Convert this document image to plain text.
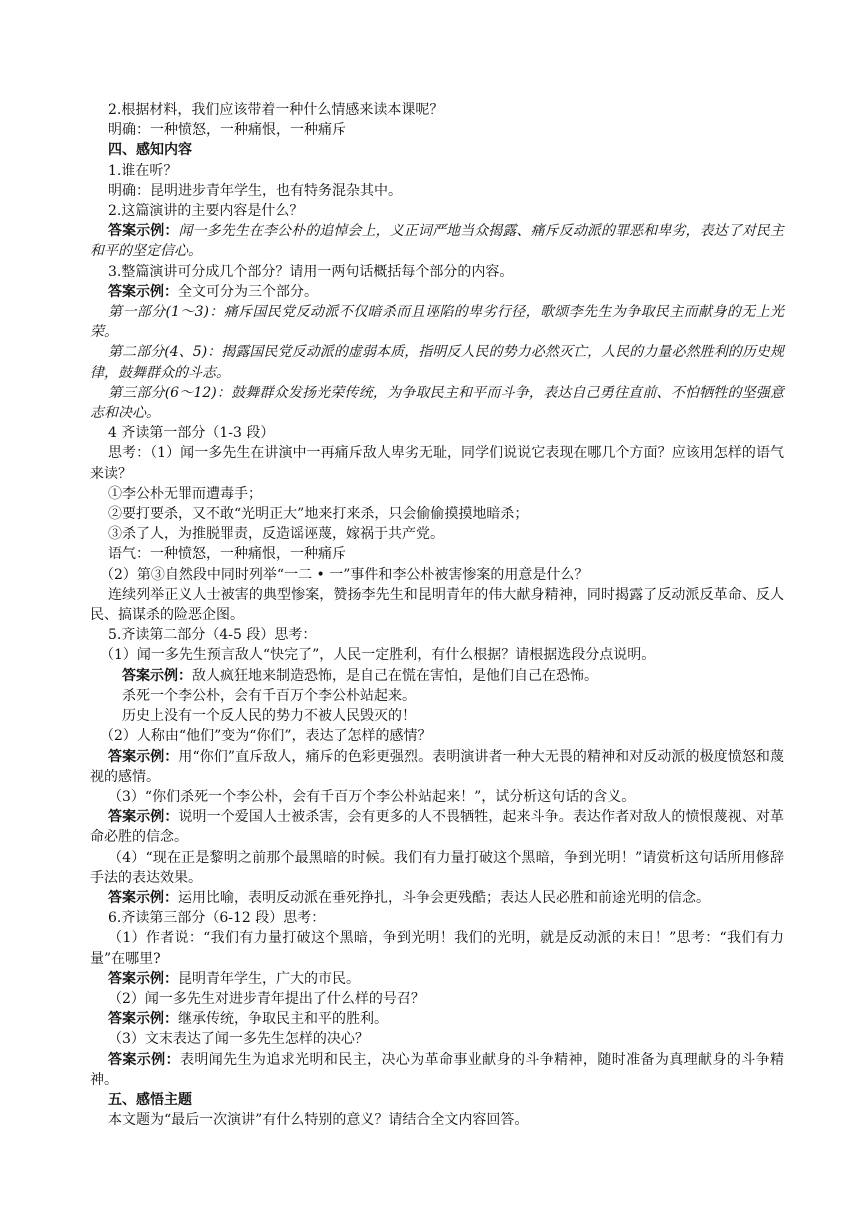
2.根据材料，我们应该带着一种什么情感来读本课呢？

明确：一种愤怒，一种痛恨，一种痛斥

四、感知内容

1.谁在听？

明确：昆明进步青年学生，也有特务混杂其中。

2.这篇演讲的主要内容是什么？

答案示例：闻一多先生在李公朴的追悼会上，义正词严地当众揭露、痛斥反动派的罪恶和卑劣，表达了对民主和平的坚定信心。

3.整篇演讲可分成几个部分？请用一两句话概括每个部分的内容。

答案示例：全文可分为三个部分。

第一部分(1～3)：痛斥国民党反动派不仅暗杀而且诬陷的卑劣行径，歌颂李先生为争取民主而献身的无上光荣。

第二部分(4、5)：揭露国民党反动派的虚弱本质，指明反人民的势力必然灭亡，人民的力量必然胜利的历史规律，鼓舞群众的斗志。

第三部分(6～12)：鼓舞群众发扬光荣传统，为争取民主和平而斗争，表达自己勇往直前、不怕牺牲的坚强意志和决心。

4 齐读第一部分（1-3 段）

思考：（1）闻一多先生在讲演中一再痛斥敌人卑劣无耻，同学们说说它表现在哪几个方面？应该用怎样的语气来读？

①李公朴无罪而遭毒手；

②要打要杀，又不敢“光明正大”地来打来杀，只会偷偷摸摸地暗杀；

③杀了人，为推脱罪责，反造谣诬蔑，嫁祸于共产党。

语气：一种愤怒，一种痛恨，一种痛斥

（2）第③自然段中同时列举“一二 • 一”事件和李公朴被害惨案的用意是什么？

连续列举正义人士被害的典型惨案，赞扬李先生和昆明青年的伟大献身精神，同时揭露了反动派反革命、反人民、搞谋杀的险恶企图。

5.齐读第二部分（4-5 段）思考：

（1）闻一多先生预言敌人“快完了”，人民一定胜利，有什么根据？请根据选段分点说明。

答案示例：敌人疯狂地来制造恐怖，是自己在慌在害怕，是他们自己在恐怖。

杀死一个李公朴，会有千百万个李公朴站起来。

历史上没有一个反人民的势力不被人民毁灭的！

（2）人称由“他们”变为“你们”，表达了怎样的感情？

答案示例：用“你们”直斥敌人，痛斥的色彩更强烈。表明演讲者一种大无畏的精神和对反动派的极度愤怒和蔑视的感情。

（3）“你们杀死一个李公朴，会有千百万个李公朴站起来！”，试分析这句话的含义。

答案示例：说明一个爱国人士被杀害，会有更多的人不畏牺牲，起来斗争。表达作者对敌人的愤恨蔑视、对革命必胜的信念。

（4）“现在正是黎明之前那个最黑暗的时候。我们有力量打破这个黑暗，争到光明！”请赏析这句话所用修辞手法的表达效果。

答案示例：运用比喻，表明反动派在垂死挣扎，斗争会更残酷；表达人民必胜和前途光明的信念。

6.齐读第三部分（6-12 段）思考：

（1）作者说：“我们有力量打破这个黑暗，争到光明！我们的光明，就是反动派的末日！”思考：“我们有力量”在哪里?

答案示例：昆明青年学生，广大的市民。

（2）闻一多先生对进步青年提出了什么样的号召？

答案示例：继承传统，争取民主和平的胜利。

（3）文末表达了闻一多先生怎样的决心？

答案示例：表明闻先生为追求光明和民主，决心为革命事业献身的斗争精神，随时准备为真理献身的斗争精神。

五、感悟主题

本文题为“最后一次演讲”有什么特别的意义？请结合全文内容回答。
